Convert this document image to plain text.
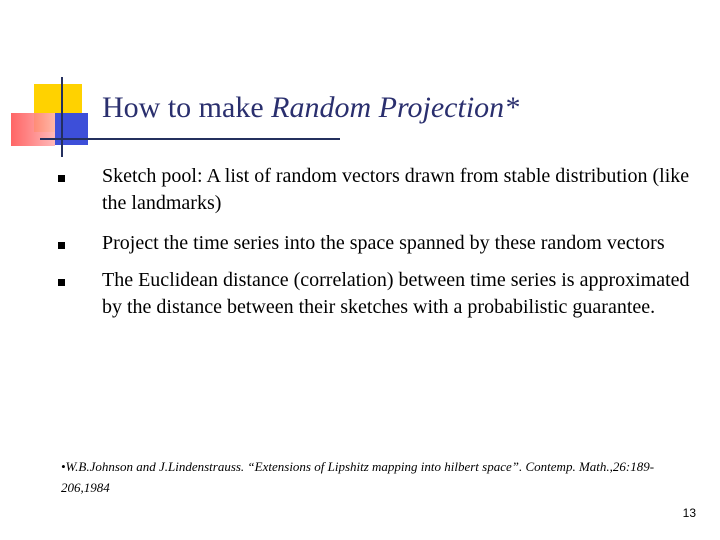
How to make Random Projection*
Sketch pool: A list of random vectors drawn from stable distribution (like the landmarks)
Project the time series into the space spanned by these random vectors
The Euclidean distance (correlation) between time series is approximated by the distance between their sketches with a probabilistic guarantee.
•W.B.Johnson and J.Lindenstrauss. “Extensions of Lipshitz mapping into hilbert space”. Contemp. Math.,26:189-206,1984
13
